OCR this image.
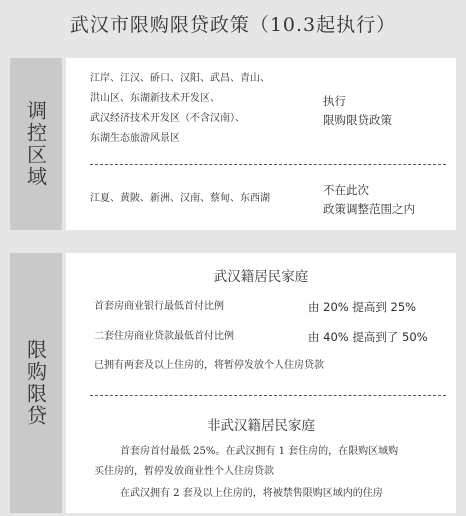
武汉市限购限贷政策（10.3起执行）
调控区域
江岸、江汉、硚口、汉阳、武昌、青山、
洪山区、东湖新技术开发区、
武汉经济技术开发区（不含汉南）、
东湖生态旅游风景区
执行
限购限贷政策
江夏、黄陂、新洲、汉南、蔡甸、东西湖
不在此次
政策调整范围之内
限购限贷
武汉籍居民家庭
首套房商业银行最低首付比例	由 20% 提高到 25%
二套住房商业贷款最低首付比例	由 40% 提高到了 50%
已拥有两套及以上住房的，将暂停发放个人住房贷款
非武汉籍居民家庭
首套房首付最低 25%。在武汉拥有 1 套住房的，在限购区域购
买住房的，暂停发放商业性个人住房贷款
在武汉拥有 2 套及以上住房的，将被禁售限购区域内的住房
